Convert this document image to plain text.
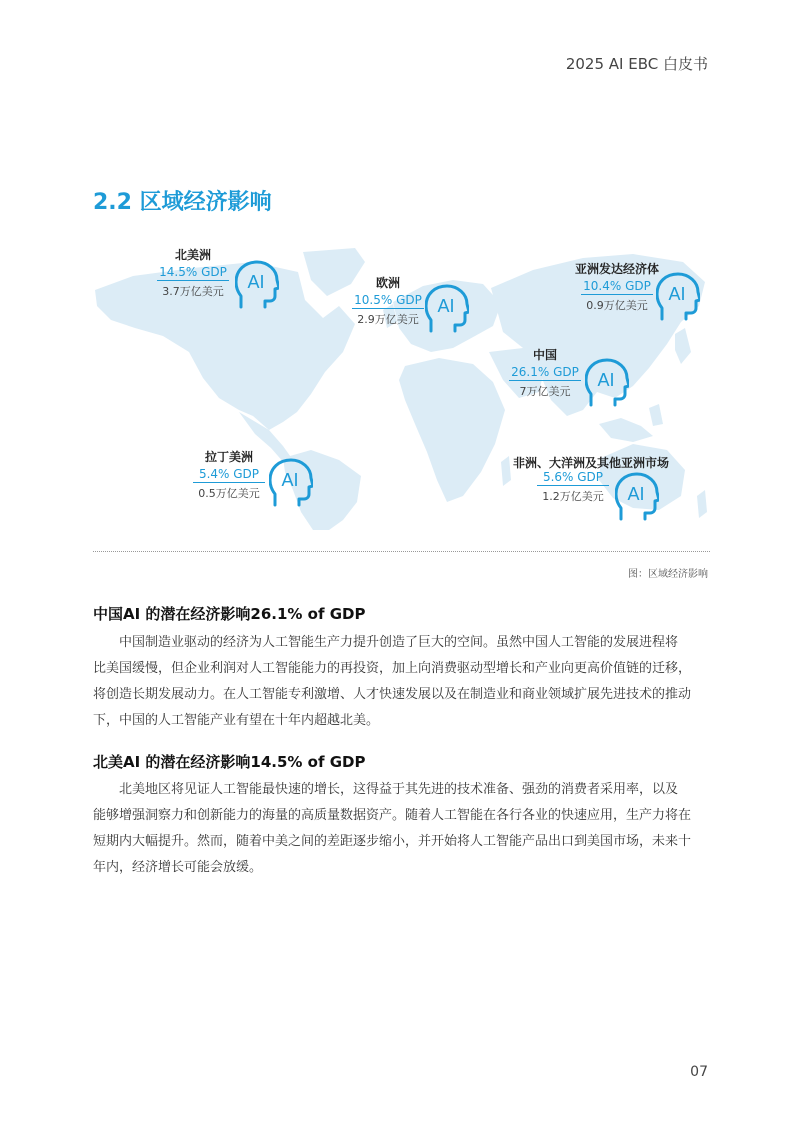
2025 AI EBC 白皮书
2.2 区域经济影响
北美洲
14.5% GDP
3.7万亿美元	AI	欧洲
10.5% GDP
2.9万亿美元
AI
亚洲发达经济体
10.4% GDP
0.9万亿美元
AI
中国
26.1% GDP
7万亿美元
AI
拉丁美洲
5.4% GDP
0.5万亿美元
AI
非洲、大洋洲及其他亚洲市场
5.6% GDP
1.2万亿美元	AI
图：区域经济影响
中国AI 的潜在经济影响26.1% of GDP
中国制造业驱动的经济为人工智能生产力提升创造了巨大的空间。虽然中国人工智能的发展进程将
比美国缓慢，但企业利润对人工智能能力的再投资，加上向消费驱动型增长和产业向更高价值链的迁移，
将创造长期发展动力。在人工智能专利激增、人才快速发展以及在制造业和商业领域扩展先进技术的推动
下，中国的人工智能产业有望在十年内超越北美。
北美AI 的潜在经济影响14.5% of GDP
北美地区将见证人工智能最快速的增长，这得益于其先进的技术准备、强劲的消费者采用率，以及
能够增强洞察力和创新能力的海量的高质量数据资产。随着人工智能在各行各业的快速应用，生产力将在
短期内大幅提升。然而，随着中美之间的差距逐步缩小，并开始将人工智能产品出口到美国市场，未来十
年内，经济增长可能会放缓。
07
